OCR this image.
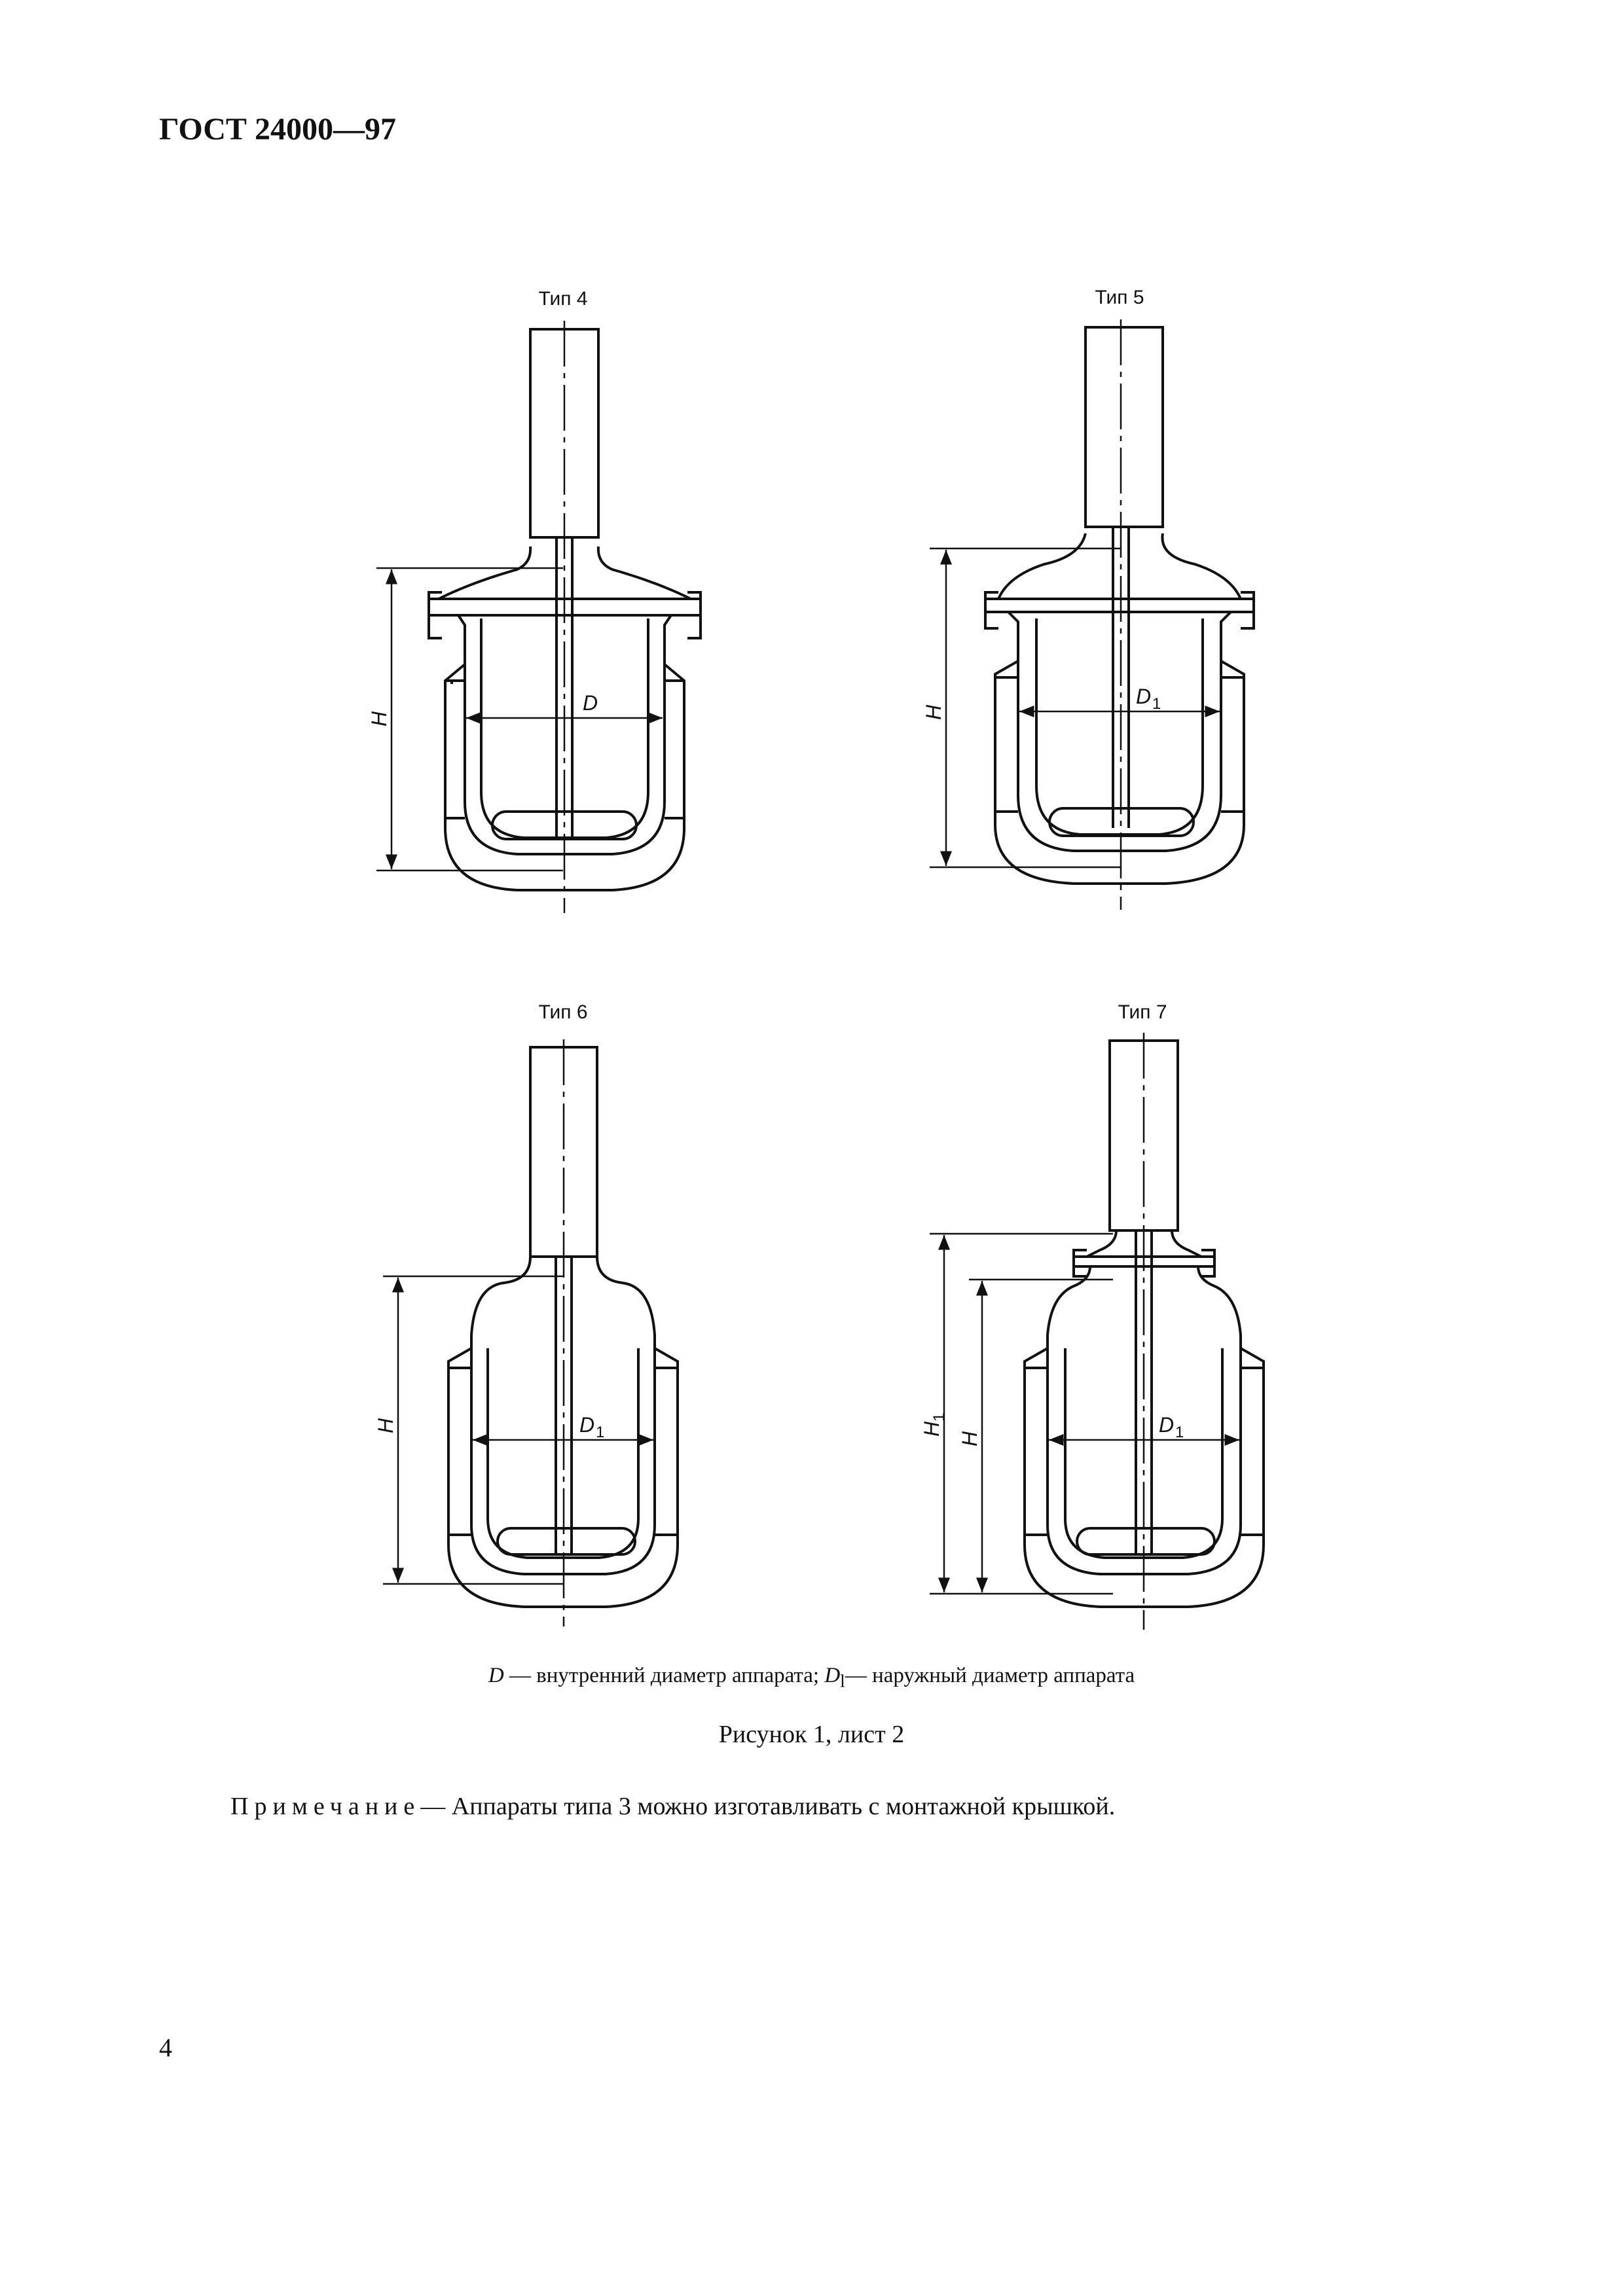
ГОСТ 24000—97
Тип 4	Тип 5
Тип 6	Тип 7
H
D	H
D 1
H	D 1	H
1
H
D 1
D — внутренний диаметр аппарата; $D_l—$ наружный диаметр аппарата
Рисунок 1, лист 2
Примечание— Аппараты типа 3 можно изготавливать с монтажной крышкой.
4
